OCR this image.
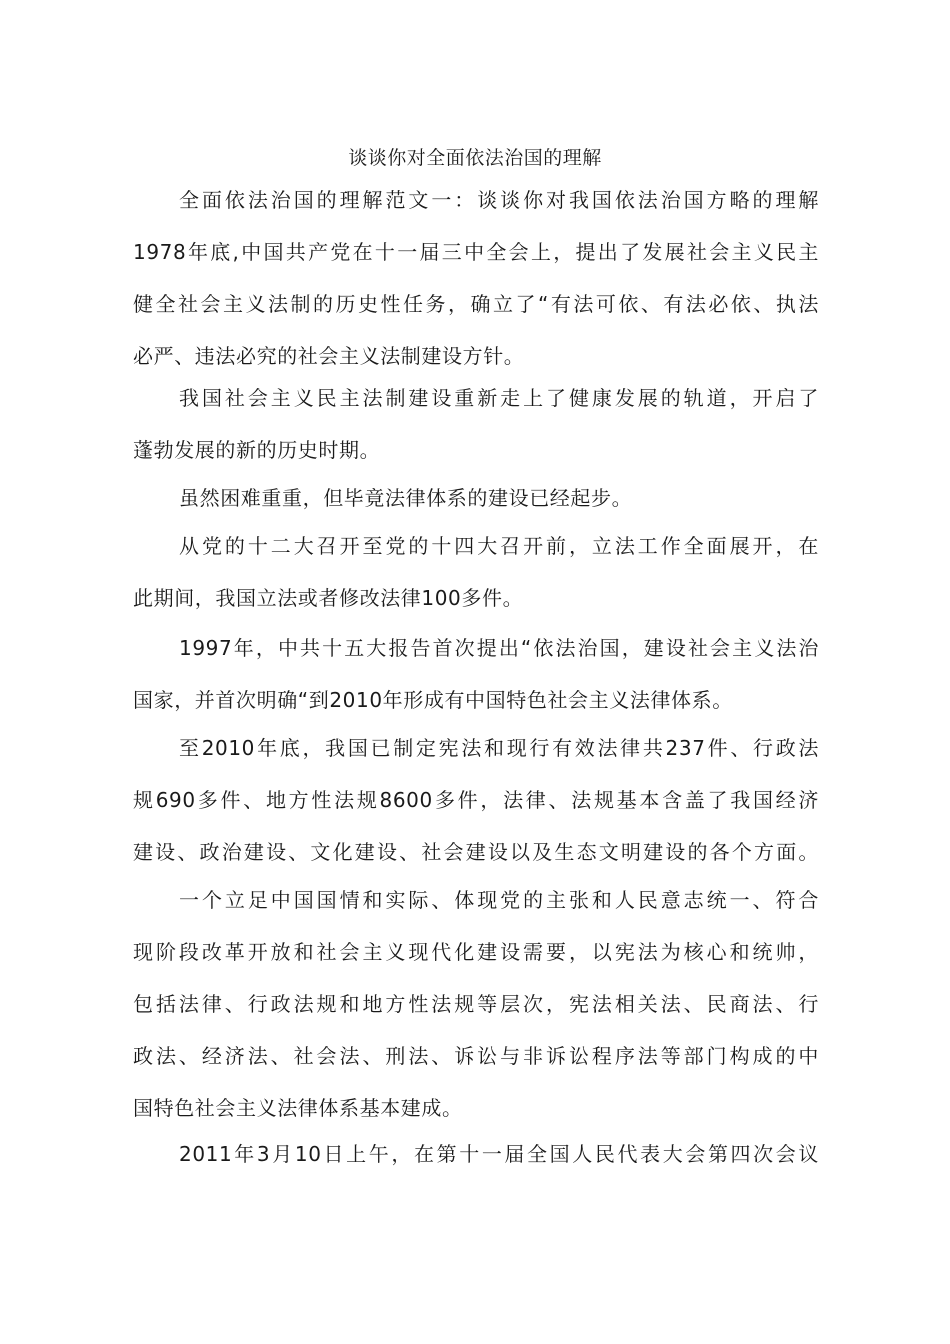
谈谈你对全面依法治国的理解
全面依法治国的理解范文一：谈谈你对我国依法治国方略的理解
1978年底,中国共产党在十一届三中全会上，提出了发展社会主义民主
健全社会主义法制的历史性任务，确立了“有法可依、有法必依、执法
必严、违法必究的社会主义法制建设方针。
我国社会主义民主法制建设重新走上了健康发展的轨道，开启了
蓬勃发展的新的历史时期。
虽然困难重重，但毕竟法律体系的建设已经起步。
从党的十二大召开至党的十四大召开前，立法工作全面展开，在
此期间，我国立法或者修改法律100多件。
1997年，中共十五大报告首次提出“依法治国，建设社会主义法治
国家，并首次明确“到2010年形成有中国特色社会主义法律体系。
至2010年底，我国已制定宪法和现行有效法律共237件、行政法
规690多件、地方性法规8600多件，法律、法规基本含盖了我国经济
建设、政治建设、文化建设、社会建设以及生态文明建设的各个方面。
一个立足中国国情和实际、体现党的主张和人民意志统一、符合
现阶段改革开放和社会主义现代化建设需要，以宪法为核心和统帅，
包括法律、行政法规和地方性法规等层次，宪法相关法、民商法、行
政法、经济法、社会法、刑法、诉讼与非诉讼程序法等部门构成的中
国特色社会主义法律体系基本建成。
2011年3月10日上午，在第十一届全国人民代表大会第四次会议
